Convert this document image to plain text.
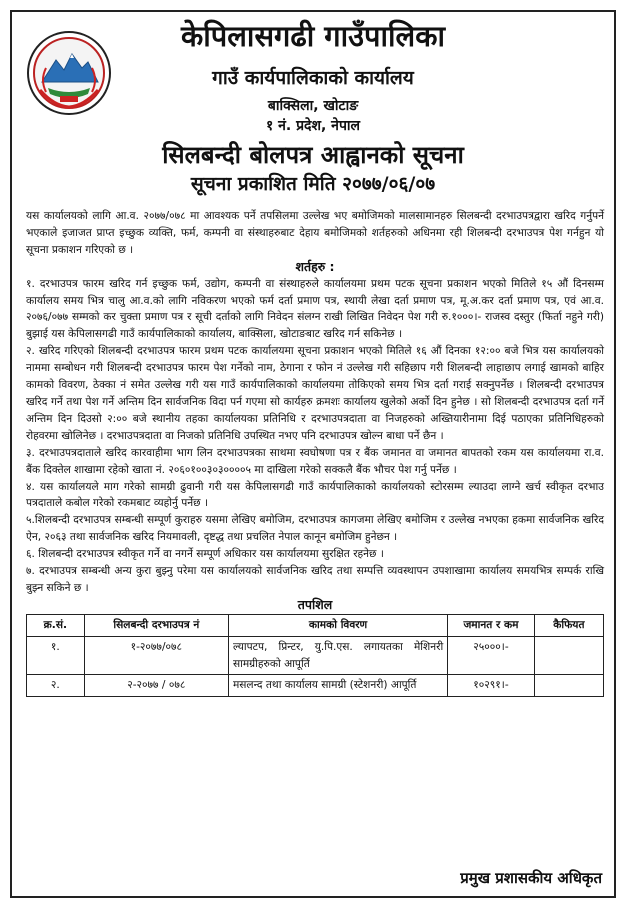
केपिलासगढी गाउँपालिका
गाउँ कार्यपालिकाको कार्यालय
बाक्सिला, खोटाङ
१ नं. प्रदेश, नेपाल
सिलबन्दी बोलपत्र आह्वानको सूचना
सूचना प्रकाशित मिति २०७७/०६/०७

यस कार्यालयको लागि आ.व. २०७७/०७८ मा आवश्यक पर्ने तपसिलमा उल्लेख भए बमोजिमको मालसामानहरु सिलबन्दी दरभाउपत्रद्वारा खरिद गर्नुपर्ने भएकाले इजाजत प्राप्त इच्छुक व्यक्ति, फर्म, कम्पनी वा संस्थाहरुबाट देहाय बमोजिमको शर्तहरुको अधिनमा रही शिलबन्दी दरभाउपत्र पेश गर्नहुन यो सूचना प्रकाशन गरिएको छ ।

शर्तहरु :

१. दरभाउपत्र फारम खरिद गर्न इच्छुक फर्म, उद्योग, कम्पनी वा संस्थाहरुले कार्यालयमा प्रथम पटक सूचना प्रकाशन भएको मितिले १५ औं दिनसम्म कार्यालय समय भित्र चालु आ.व.को लागि नविकरण भएको फर्म दर्ता प्रमाण पत्र, स्थायी लेखा दर्ता प्रमाण पत्र, मू.अ.कर दर्ता प्रमाण पत्र, एवं आ.व. २०७६/०७७ सम्मको कर चुक्ता प्रमाण पत्र र सूची दर्ताको लागि निवेदन संलग्न राखी लिखित निवेदन पेश गरी रु.१०००।- राजस्व दस्तुर (फिर्ता नहुने गरी) बुझाई यस केपिलासगढी गाउँ कार्यपालिकाको कार्यालय, बाक्सिला, खोटाङबाट खरिद गर्न सकिनेछ ।

२. खरिद गरिएको शिलबन्दी दरभाउपत्र फारम प्रथम पटक कार्यालयमा सूचना प्रकाशन भएको मितिले १६ औं दिनका १२:०० बजे भित्र यस कार्यालयको नाममा सम्बोधन गरी शिलबन्दी दरभाउपत्र फारम पेश गर्नेको नाम, ठेगाना र फोन नं उल्लेख गरी सहिछाप गरी शिलबन्दी लाहाछाप लगाई खामको बाहिर कामको विवरण, ठेक्का नं समेत उल्लेख गरी यस गाउँ कार्यपालिकाको कार्यालयमा तोकिएको समय भित्र दर्ता गराई सक्नुपर्नेछ । शिलबन्दी दरभाउपत्र खरिद गर्ने तथा पेश गर्ने अन्तिम दिन सार्वजनिक विदा पर्न गएमा सो कार्यहरु क्रमशः कार्यालय खुलेको अर्को दिन हुनेछ । सो शिलबन्दी दरभाउपत्र दर्ता गर्ने अन्तिम दिन दिउसो २:०० बजे स्थानीय तहका कार्यालयका प्रतिनिधि र दरभाउपत्रदाता वा निजहरुको अख्तियारीनामा दिई पठाएका प्रतिनिधिहरुको रोहवरमा खोलिनेछ । दरभाउपत्रदाता वा निजको प्रतिनिधि उपस्थित नभए पनि दरभाउपत्र खोल्न बाधा पर्ने छैन ।

३. दरभाउपत्रदाताले खरिद कारवाहीमा भाग लिन दरभाउपत्रका साथमा स्वघोषणा पत्र र बैंक जमानत वा जमानत बापतको रकम यस कार्यालयमा रा.व. बैंक दिक्तेल शाखामा रहेको खाता नं. २०६०१००३०३००००५ मा दाखिला गरेको सक्कलै बैंक भौचर पेश गर्नु पर्नेछ ।

४. यस कार्यालयले माग गरेको सामग्री ढुवानी गरी यस केपिलासगढी गाउँ कार्यपालिकाको कार्यालयको स्टोरसम्म ल्याउदा लाग्ने खर्च स्वीकृत दरभाउ पत्रदाताले कबोल गरेको रकमबाट व्यहोर्नु पर्नेछ ।

५.शिलबन्दी दरभाउपत्र सम्बन्धी सम्पूर्ण कुराहरु यसमा लेखिए बमोजिम, दरभाउपत्र कागजमा लेखिए बमोजिम र उल्लेख नभएका हकमा सार्वजनिक खरिद ऐन, २०६३ तथा सार्वजनिक खरिद नियमावली, दृष्टद्ध तथा प्रचलित नेपाल कानून बमोजिम हुनेछन ।

६. शिलबन्दी दरभाउपत्र स्वीकृत गर्ने वा नगर्ने सम्पूर्ण अधिकार यस कार्यालयमा सुरक्षित रहनेछ ।

७. दरभाउपत्र सम्बन्धी अन्य कुरा बुझ्नु परेमा यस कार्यालयको सार्वजनिक खरिद तथा सम्पत्ति व्यवस्थापन उपशाखामा कार्यालय समयभित्र सम्पर्क राखि बुझ्न सकिने छ ।

तपशिल

क्र.सं.	सिलबन्दी दरभाउपत्र नं	कामको विवरण	जमानत र कम	कैफियत
१.	१-२०७७/०७८	ल्यापटप, प्रिन्टर, यु.पि.एस. लगायतका मेशिनरी सामग्रीहरुको आपूर्ति	२५०००।-	
२.	२-२०७७ / ०७८	मसलन्द तथा कार्यालय सामग्री (स्टेशनरी) आपूर्ति	१०२९१।-	
प्रमुख प्रशासकीय अधिकृत
